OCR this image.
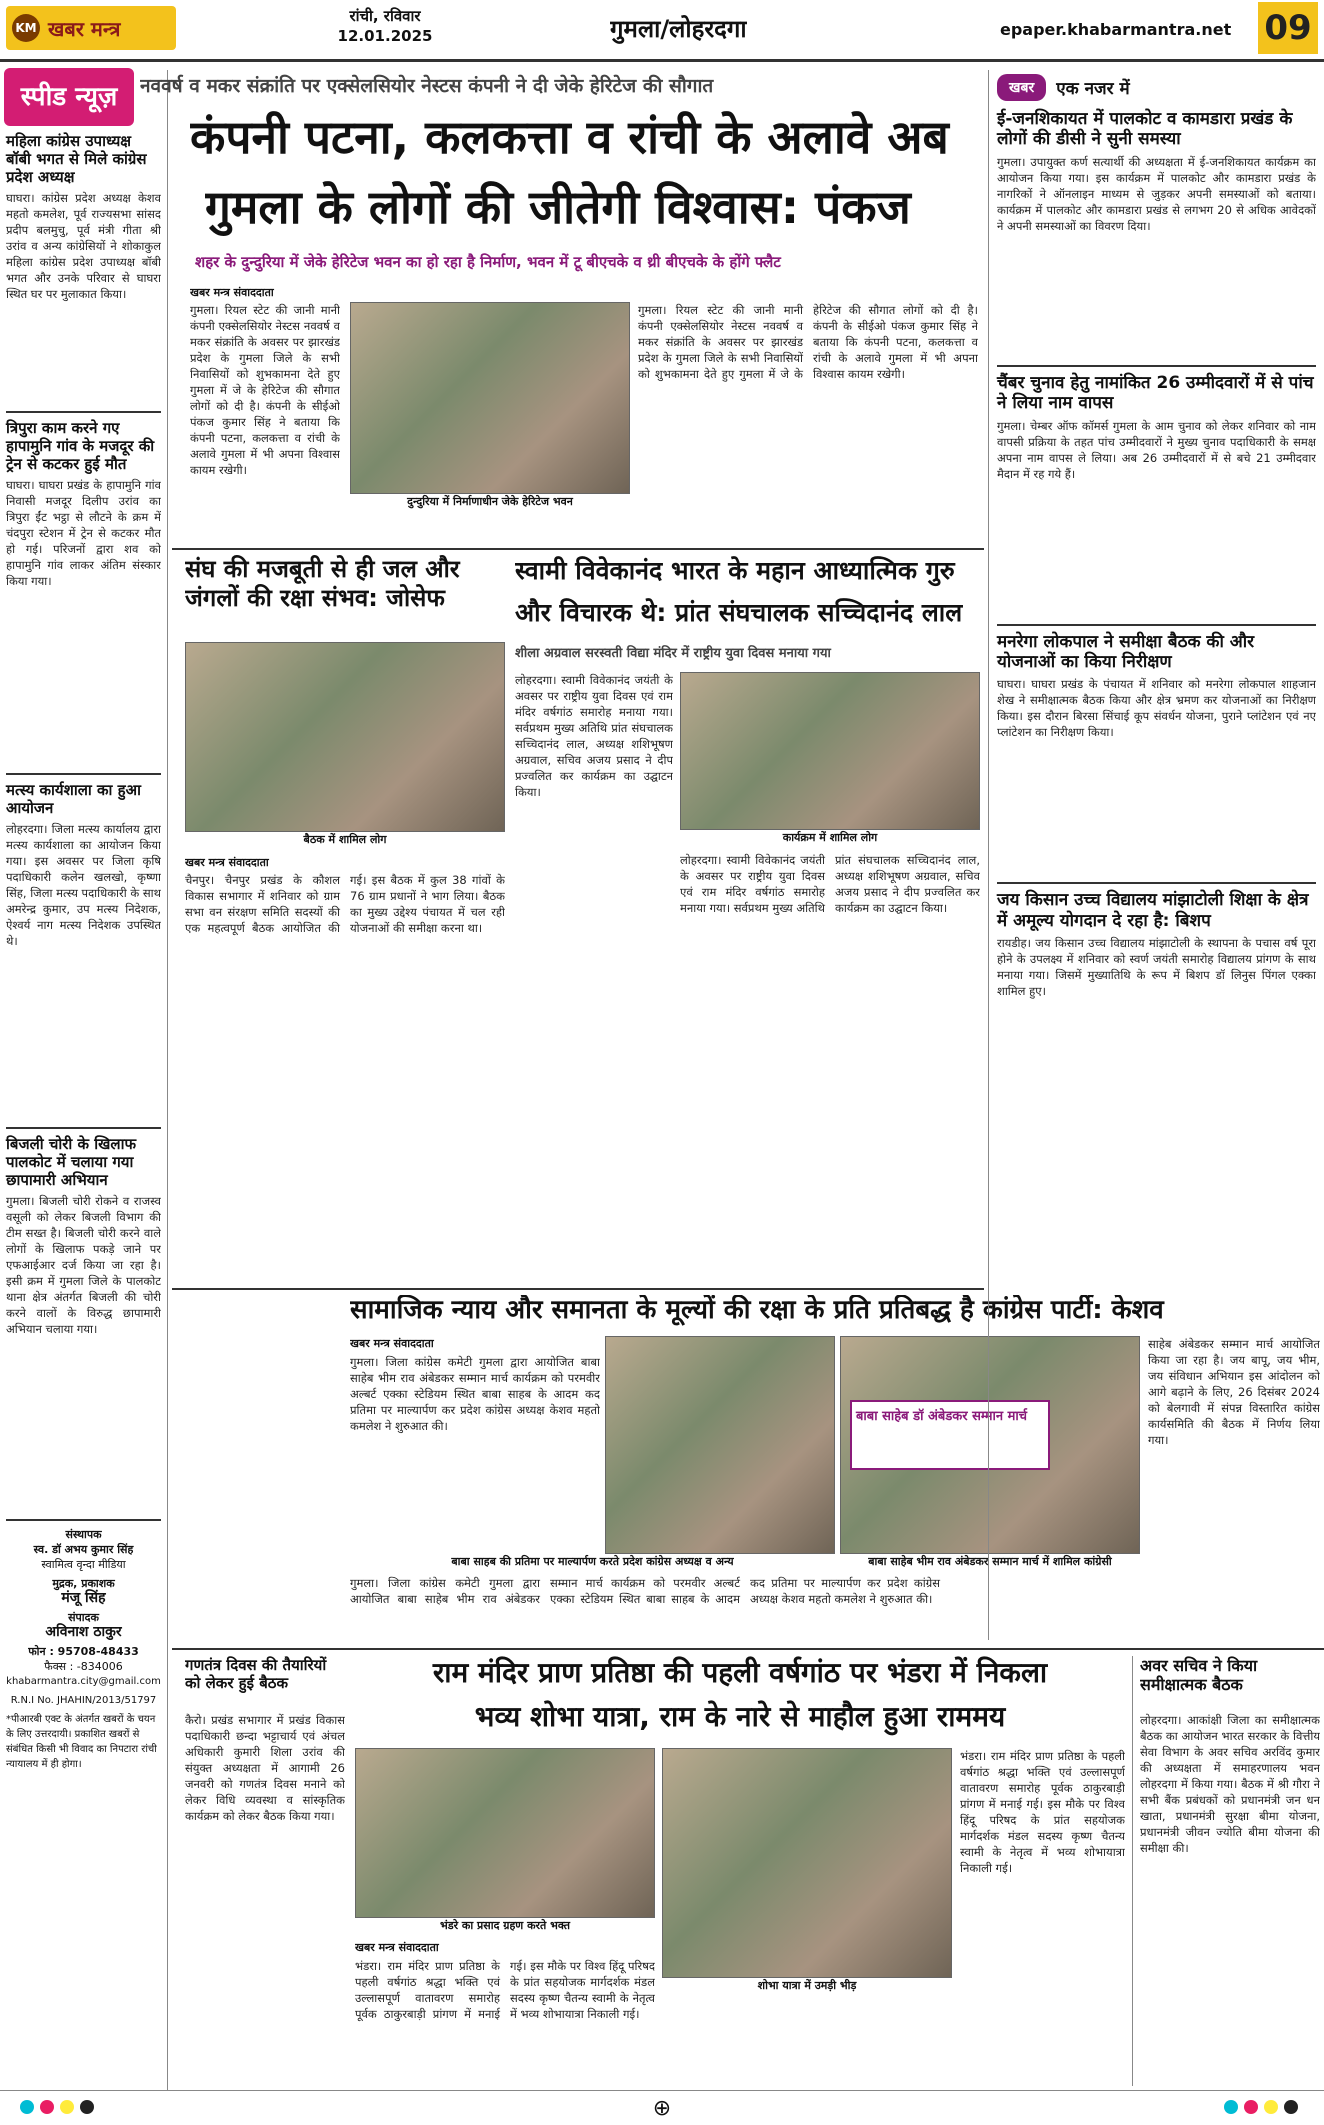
KM खबर मन्त्र
रांची, रविवार
12.01.2025	गुमला/लोहरदगा	epaper.khabarmantra.net 09
स्पीड न्यूज़
महिला कांग्रेस उपाध्यक्ष बॉबी भगत से मिले कांग्रेस प्रदेश अध्यक्ष
घाघरा। कांग्रेस प्रदेश अध्यक्ष केशव महतो कमलेश, पूर्व राज्यसभा सांसद प्रदीप बलमुचु, पूर्व मंत्री गीता श्री उरांव व अन्य कांग्रेसियों ने शोकाकुल महिला कांग्रेस प्रदेश उपाध्यक्ष बॉबी भगत और उनके परिवार से घाघरा स्थित घर पर मुलाकात किया।
त्रिपुरा काम करने गए हापामुनि गांव के मजदूर की ट्रेन से कटकर हुई मौत
घाघरा। घाघरा प्रखंड के हापामुनि गांव निवासी मजदूर दिलीप उरांव का त्रिपुरा ईंट भट्ठा से लौटने के क्रम में चंदपुरा स्टेशन में ट्रेन से कटकर मौत हो गई। परिजनों द्वारा शव को हापामुनि गांव लाकर अंतिम संस्कार किया गया।
मत्स्य कार्यशाला का हुआ आयोजन
लोहरदगा। जिला मत्स्य कार्यालय द्वारा मत्स्य कार्यशाला का आयोजन किया गया। इस अवसर पर जिला कृषि पदाधिकारी कलेन खलखो, कृष्णा सिंह, जिला मत्स्य पदाधिकारी के साथ अमरेन्द्र कुमार, उप मत्स्य निदेशक, ऐश्वर्य नाग मत्स्य निदेशक उपस्थित थे।
बिजली चोरी के खिलाफ पालकोट में चलाया गया छापामारी अभियान
गुमला। बिजली चोरी रोकने व राजस्व वसूली को लेकर बिजली विभाग की टीम सख्त है। बिजली चोरी करने वाले लोगों के खिलाफ पकड़े जाने पर एफआईआर दर्ज किया जा रहा है। इसी क्रम में गुमला जिले के पालकोट थाना क्षेत्र अंतर्गत बिजली की चोरी करने वालों के विरुद्ध छापामारी अभियान चलाया गया।
संस्थापक
स्व. डॉ अभय कुमार सिंह
स्वामित्व वृन्दा मीडिया
मुद्रक, प्रकाशक
मंजू सिंह
संपादक
अविनाश ठाकुर
फोन : 95708-48433
फैक्स : -834006
khabarmantra.city@gmail.com
R.N.I No. JHAHIN/2013/51797
*पीआरबी एक्ट के अंतर्गत खबरों के चयन के लिए उत्तरदायी। प्रकाशित खबरों से संबंधित किसी भी विवाद का निपटारा रांची न्यायालय में ही होगा।
नववर्ष व मकर संक्रांति पर एक्सेलसियोर नेस्टस कंपनी ने दी जेके हेरिटेज की सौगात
कंपनी पटना, कलकत्ता व रांची के अलावे अब
गुमला के लोगों की जीतेगी विश्वास: पंकज
शहर के दुन्दुरिया में जेके हेरिटेज भवन का हो रहा है निर्माण, भवन में टू बीएचके व थ्री बीएचके के होंगे फ्लैट
खबर मन्त्र संवाददाता
गुमला। रियल स्टेट की जानी मानी कंपनी एक्सेलसियोर नेस्टस नववर्ष व मकर संक्रांति के अवसर पर झारखंड प्रदेश के गुमला जिले के सभी निवासियों को शुभकामना देते हुए गुमला में जे के हेरिटेज की सौगात लोगों को दी है। कंपनी के सीईओ पंकज कुमार सिंह ने बताया कि कंपनी पटना, कलकत्ता व रांची के अलावे गुमला में भी अपना विश्वास कायम रखेगी।
दुन्दुरिया में निर्माणाधीन जेके हेरिटेज भवन
गुमला। रियल स्टेट की जानी मानी कंपनी एक्सेलसियोर नेस्टस नववर्ष व मकर संक्रांति के अवसर पर झारखंड प्रदेश के गुमला जिले के सभी निवासियों को शुभकामना देते हुए गुमला में जे के हेरिटेज की सौगात लोगों को दी है। कंपनी के सीईओ पंकज कुमार सिंह ने बताया कि कंपनी पटना, कलकत्ता व रांची के अलावे गुमला में भी अपना विश्वास कायम रखेगी।
संघ की मजबूती से ही जल और जंगलों की रक्षा संभव: जोसेफ
बैठक में शामिल लोग
खबर मन्त्र संवाददाता
चैनपुर। चैनपुर प्रखंड के कौशल विकास सभागार में शनिवार को ग्राम सभा वन संरक्षण समिति सदस्यों की एक महत्वपूर्ण बैठक आयोजित की गई। इस बैठक में कुल 38 गांवों के 76 ग्राम प्रधानों ने भाग लिया। बैठक का मुख्य उद्देश्य पंचायत में चल रही योजनाओं की समीक्षा करना था।
स्वामी विवेकानंद भारत के महान आध्यात्मिक गुरु
और विचारक थे: प्रांत संघचालक सच्चिदानंद लाल
शीला अग्रवाल सरस्वती विद्या मंदिर में राष्ट्रीय युवा दिवस मनाया गया
कार्यक्रम में शामिल लोग
लोहरदगा। स्वामी विवेकानंद जयंती के अवसर पर राष्ट्रीय युवा दिवस एवं राम मंदिर वर्षगांठ समारोह मनाया गया। सर्वप्रथम मुख्य अतिथि प्रांत संघचालक सच्चिदानंद लाल, अध्यक्ष शशिभूषण अग्रवाल, सचिव अजय प्रसाद ने दीप प्रज्वलित कर कार्यक्रम का उद्घाटन किया।
लोहरदगा। स्वामी विवेकानंद जयंती के अवसर पर राष्ट्रीय युवा दिवस एवं राम मंदिर वर्षगांठ समारोह मनाया गया। सर्वप्रथम मुख्य अतिथि प्रांत संघचालक सच्चिदानंद लाल, अध्यक्ष शशिभूषण अग्रवाल, सचिव अजय प्रसाद ने दीप प्रज्वलित कर कार्यक्रम का उद्घाटन किया।
सामाजिक न्याय और समानता के मूल्यों की रक्षा के प्रति प्रतिबद्ध है कांग्रेस पार्टी: केशव
खबर मन्त्र संवाददाता
गुमला। जिला कांग्रेस कमेटी गुमला द्वारा आयोजित बाबा साहेब भीम राव अंबेडकर सम्मान मार्च कार्यक्रम को परमवीर अल्बर्ट एक्का स्टेडियम स्थित बाबा साहब के आदम कद प्रतिमा पर माल्यार्पण कर प्रदेश कांग्रेस अध्यक्ष केशव महतो कमलेश ने शुरुआत की।
बाबा साहब की प्रतिमा पर माल्यार्पण करते प्रदेश कांग्रेस अध्यक्ष व अन्य
बाबा साहेब डॉ अंबेडकर सम्मान मार्च
बाबा साहेब भीम राव अंबेडकर सम्मान मार्च में शामिल कांग्रेसी
गुमला। जिला कांग्रेस कमेटी गुमला द्वारा आयोजित बाबा साहेब भीम राव अंबेडकर सम्मान मार्च कार्यक्रम को परमवीर अल्बर्ट एक्का स्टेडियम स्थित बाबा साहब के आदम कद प्रतिमा पर माल्यार्पण कर प्रदेश कांग्रेस अध्यक्ष केशव महतो कमलेश ने शुरुआत की।
खबर	एक नजर में
ई-जनशिकायत में पालकोट व कामडारा प्रखंड के लोगों की डीसी ने सुनी समस्या
गुमला। उपायुक्त कर्ण सत्यार्थी की अध्यक्षता में ई-जनशिकायत कार्यक्रम का आयोजन किया गया। इस कार्यक्रम में पालकोट और कामडारा प्रखंड के नागरिकों ने ऑनलाइन माध्यम से जुड़कर अपनी समस्याओं को बताया। कार्यक्रम में पालकोट और कामडारा प्रखंड से लगभग 20 से अधिक आवेदकों ने अपनी समस्याओं का विवरण दिया।
चैंबर चुनाव हेतु नामांकित 26 उम्मीदवारों में से पांच ने लिया नाम वापस
गुमला। चेम्बर ऑफ कॉमर्स गुमला के आम चुनाव को लेकर शनिवार को नाम वापसी प्रक्रिया के तहत पांच उम्मीदवारों ने मुख्य चुनाव पदाधिकारी के समक्ष अपना नाम वापस ले लिया। अब 26 उम्मीदवारों में से बचे 21 उम्मीदवार मैदान में रह गये हैं।
मनरेगा लोकपाल ने समीक्षा बैठक की और योजनाओं का किया निरीक्षण
घाघरा। घाघरा प्रखंड के पंचायत में शनिवार को मनरेगा लोकपाल शाहजान शेख ने समीक्षात्मक बैठक किया और क्षेत्र भ्रमण कर योजनाओं का निरीक्षण किया। इस दौरान बिरसा सिंचाई कूप संवर्धन योजना, पुराने प्लांटेशन एवं नए प्लांटेशन का निरीक्षण किया।
जय किसान उच्च विद्यालय मांझाटोली शिक्षा के क्षेत्र में अमूल्य योगदान दे रहा है: बिशप
रायडीह। जय किसान उच्च विद्यालय मांझाटोली के स्थापना के पचास वर्ष पूरा होने के उपलक्ष्य में शनिवार को स्वर्ण जयंती समारोह विद्यालय प्रांगण के साथ मनाया गया। जिसमें मुख्यातिथि के रूप में बिशप डॉ लिनुस पिंगल एक्का शामिल हुए।
साहेब अंबेडकर सम्मान मार्च आयोजित किया जा रहा है। जय बापू, जय भीम, जय संविधान अभियान इस आंदोलन को आगे बढ़ाने के लिए, 26 दिसंबर 2024 को बेलगावी में संपन्न विस्तारित कांग्रेस कार्यसमिति की बैठक में निर्णय लिया गया।
गणतंत्र दिवस की तैयारियों को लेकर हुई बैठक
कैरो। प्रखंड सभागार में प्रखंड विकास पदाधिकारी छन्दा भट्टाचार्य एवं अंचल अधिकारी कुमारी शिला उरांव की संयुक्त अध्यक्षता में आगामी 26 जनवरी को गणतंत्र दिवस मनाने को लेकर विधि व्यवस्था व सांस्कृतिक कार्यक्रम को लेकर बैठक किया गया।
राम मंदिर प्राण प्रतिष्ठा की पहली वर्षगांठ पर भंडरा में निकला
भव्य शोभा यात्रा, राम के नारे से माहौल हुआ राममय
भंडरे का प्रसाद ग्रहण करते भक्त
शोभा यात्रा में उमड़ी भीड़
खबर मन्त्र संवाददाता
भंडरा। राम मंदिर प्राण प्रतिष्ठा के पहली वर्षगांठ श्रद्धा भक्ति एवं उल्लासपूर्ण वातावरण समारोह पूर्वक ठाकुरबाड़ी प्रांगण में मनाई गई। इस मौके पर विश्व हिंदू परिषद के प्रांत सहयोजक मार्गदर्शक मंडल सदस्य कृष्ण चैतन्य स्वामी के नेतृत्व में भव्य शोभायात्रा निकाली गई।
भंडरा। राम मंदिर प्राण प्रतिष्ठा के पहली वर्षगांठ श्रद्धा भक्ति एवं उल्लासपूर्ण वातावरण समारोह पूर्वक ठाकुरबाड़ी प्रांगण में मनाई गई। इस मौके पर विश्व हिंदू परिषद के प्रांत सहयोजक मार्गदर्शक मंडल सदस्य कृष्ण चैतन्य स्वामी के नेतृत्व में भव्य शोभायात्रा निकाली गई।
अवर सचिव ने किया समीक्षात्मक बैठक
लोहरदगा। आकांक्षी जिला का समीक्षात्मक बैठक का आयोजन भारत सरकार के वित्तीय सेवा विभाग के अवर सचिव अरविंद कुमार की अध्यक्षता में समाहरणालय भवन लोहरदगा में किया गया। बैठक में श्री गौरा ने सभी बैंक प्रबंधकों को प्रधानमंत्री जन धन खाता, प्रधानमंत्री सुरक्षा बीमा योजना, प्रधानमंत्री जीवन ज्योति बीमा योजना की समीक्षा की।
⊕
